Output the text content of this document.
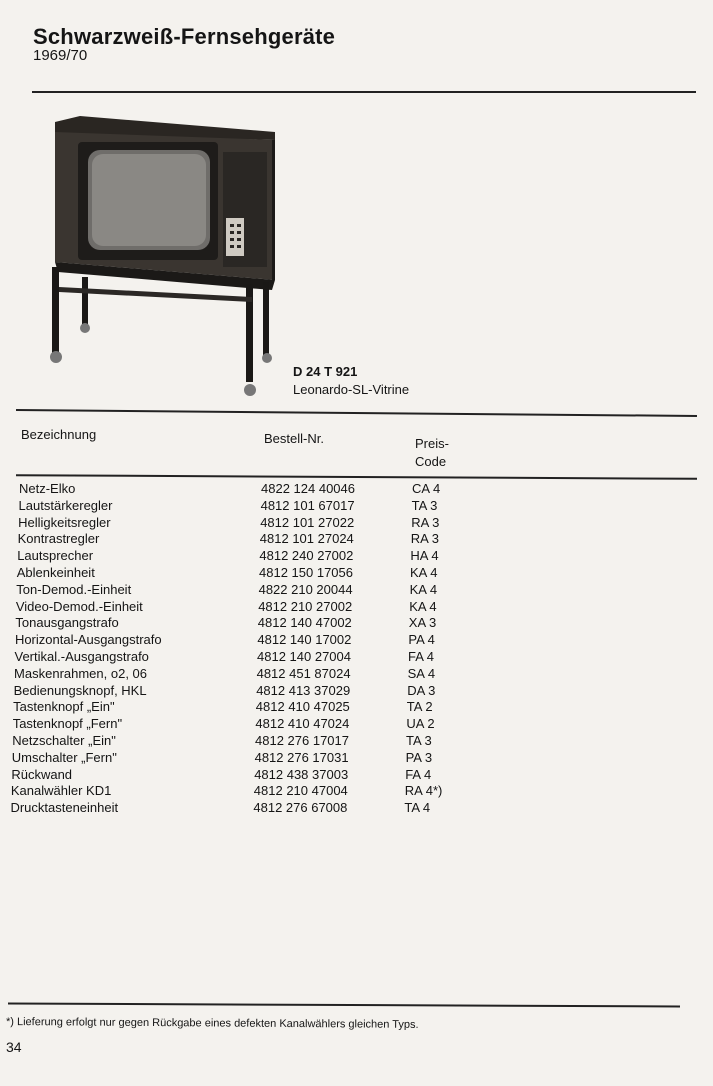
Schwarzweiß-Fernsehgeräte
1969/70
D 24 T 921
Leonardo-SL-Vitrine
Bezeichnung	Bestell-Nr.	Preis-
Code
Netz-Elko	4822 124 40046	CA 4
Lautstärkeregler	4812 101 67017	TA 3
Helligkeitsregler	4812 101 27022	RA 3
Kontrastregler	4812 101 27024	RA 3
Lautsprecher	4812 240 27002	HA 4
Ablenkeinheit	4812 150 17056	KA 4
Ton-Demod.-Einheit	4822 210 20044	KA 4
Video-Demod.-Einheit	4812 210 27002	KA 4
Tonausgangstrafo	4812 140 47002	XA 3
Horizontal-Ausgangstrafo	4812 140 17002	PA 4
Vertikal.-Ausgangstrafo	4812 140 27004	FA 4
Maskenrahmen, o2, 06	4812 451 87024	SA 4
Bedienungsknopf, HKL	4812 413 37029	DA 3
Tastenknopf „Ein"	4812 410 47025	TA 2
Tastenknopf „Fern"	4812 410 47024	UA 2
Netzschalter „Ein"	4812 276 17017	TA 3
Umschalter „Fern"	4812 276 17031	PA 3
Rückwand	4812 438 37003	FA 4
Kanalwähler KD1	4812 210 47004	RA 4*)
Drucktasteneinheit	4812 276 67008	TA 4
*) Lieferung erfolgt nur gegen Rückgabe eines defekten Kanalwählers gleichen Typs.
34
